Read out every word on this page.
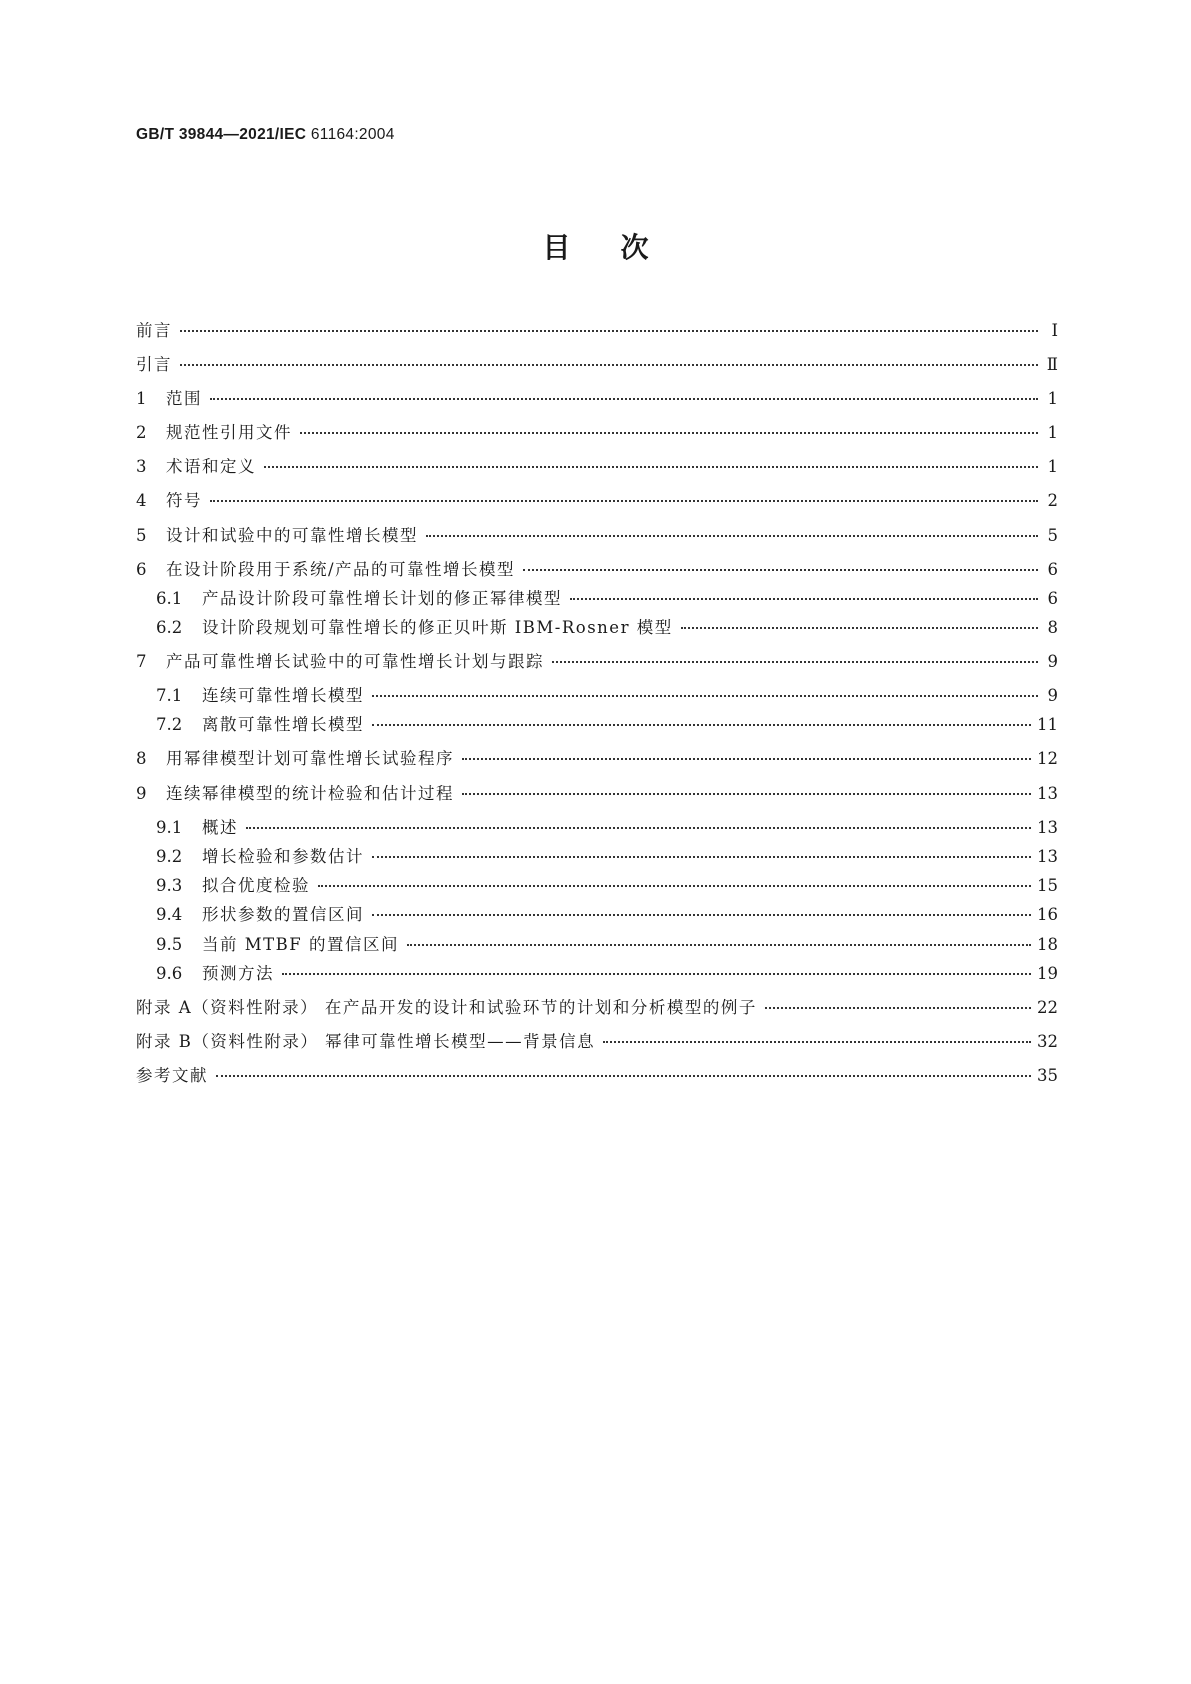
GB/T 39844—2021/IEC 61164:2004
目次
前言	Ⅰ
引言	Ⅱ
1	范围	1
2	规范性引用文件	1
3	术语和定义	1
4	符号	2
5	设计和试验中的可靠性增长模型	5
6	在设计阶段用于系统/产品的可靠性增长模型	6
6.1	产品设计阶段可靠性增长计划的修正幂律模型	6
6.2	设计阶段规划可靠性增长的修正贝叶斯 IBM-Rosner 模型	8
7	产品可靠性增长试验中的可靠性增长计划与跟踪	9
7.1	连续可靠性增长模型	9
7.2	离散可靠性增长模型	11
8	用幂律模型计划可靠性增长试验程序	12
9	连续幂律模型的统计检验和估计过程	13
9.1	概述	13
9.2	增长检验和参数估计	13
9.3	拟合优度检验	15
9.4	形状参数的置信区间	16
9.5	当前 MTBF 的置信区间	18
9.6	预测方法	19
附录 A（资料性附录） 在产品开发的设计和试验环节的计划和分析模型的例子	22
附录 B（资料性附录） 幂律可靠性增长模型——背景信息	32
参考文献	35
